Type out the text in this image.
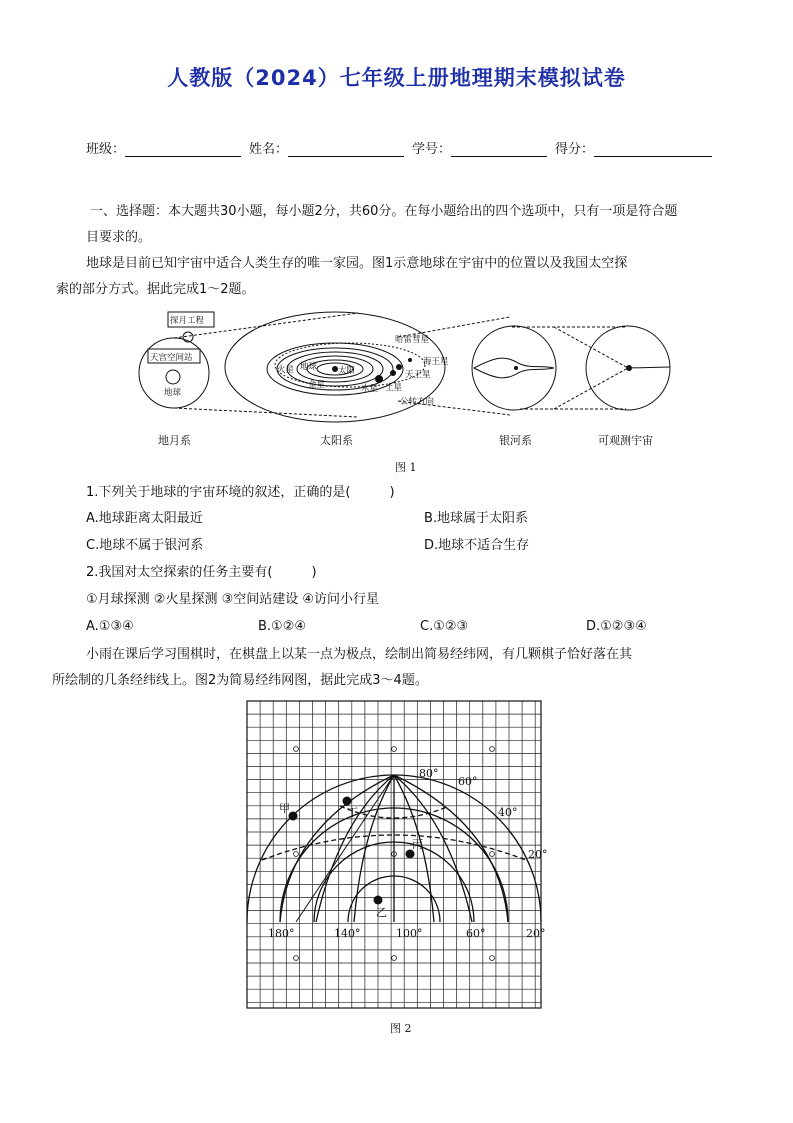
人教版（2024）七年级上册地理期末模拟试卷
班级：	姓名：	学号：	得分：
一、选择题：本大题共30小题，每小题2分，共60分。在每小题给出的四个选项中，只有一项是符合题
目要求的。
地球是目前已知宇宙中适合人类生存的唯一家园。图1示意地球在宇宙中的位置以及我国太空探
索的部分方式。据此完成1～2题。
探月工程
天宫空间站
地球
哈雷彗星
海王星
天王星
土星
木星
火星 地球
金星
太阳
公转方向
地月系	太阳系	银河系	可观测宇宙
图 1
1.下列关于地球的宇宙环境的叙述，正确的是(　　　)
A.地球距离太阳最近	B.地球属于太阳系
C.地球不属于银河系	D.地球不适合生存
2.我国对太空探索的任务主要有(　　　)
①月球探测 ②火星探测 ③空间站建设 ④访问小行星
A.①③④	B.①②④	C.①②③	D.①②③④
小雨在课后学习围棋时，在棋盘上以某一点为极点，绘制出简易经纬网，有几颗棋子恰好落在其
所绘制的几条经纬线上。图2为简易经纬网图，据此完成3～4题。
80°
60°
40°
20°
180°	140°	100°	60°	20°
甲	丁
丙
乙
图 2
